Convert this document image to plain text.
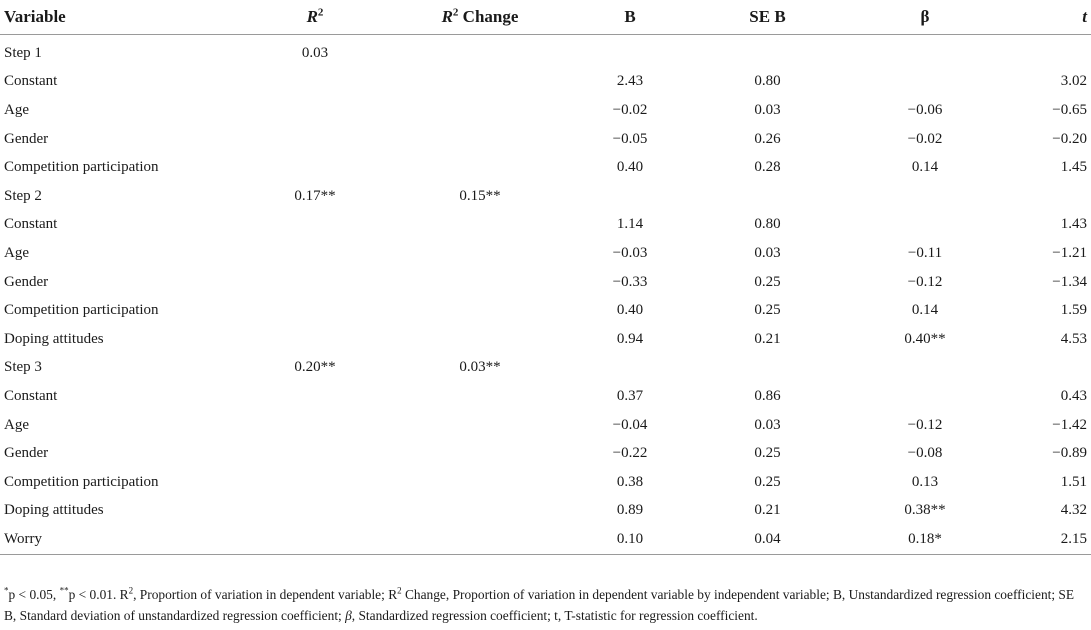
Variable	$R^2$	$R^2$ Change	B	SE B	β	t
Step 1	0.03					
Constant			2.43	0.80		3.02
Age			−0.02	0.03	−0.06	−0.65
Gender			−0.05	0.26	−0.02	−0.20
Competition participation			0.40	0.28	0.14	1.45
Step 2	0.17**	0.15**				
Constant			1.14	0.80		1.43
Age			−0.03	0.03	−0.11	−1.21
Gender			−0.33	0.25	−0.12	−1.34
Competition participation			0.40	0.25	0.14	1.59
Doping attitudes			0.94	0.21	0.40**	4.53
Step 3	0.20**	0.03**				
Constant			0.37	0.86		0.43
Age			−0.04	0.03	−0.12	−1.42
Gender			−0.22	0.25	−0.08	−0.89
Competition participation			0.38	0.25	0.13	1.51
Doping attitudes			0.89	0.21	0.38**	4.32
Worry			0.10	0.04	0.18*	2.15
*p < 0.05, **p < 0.01. $R^2$, Proportion of variation in dependent variable; $R^2$ Change, Proportion of variation in dependent variable by independent variable; B, Unstandardized regression coefficient; SE B, Standard deviation of unstandardized regression coefficient; β, Standardized regression coefficient; t, T-statistic for regression coefficient.
